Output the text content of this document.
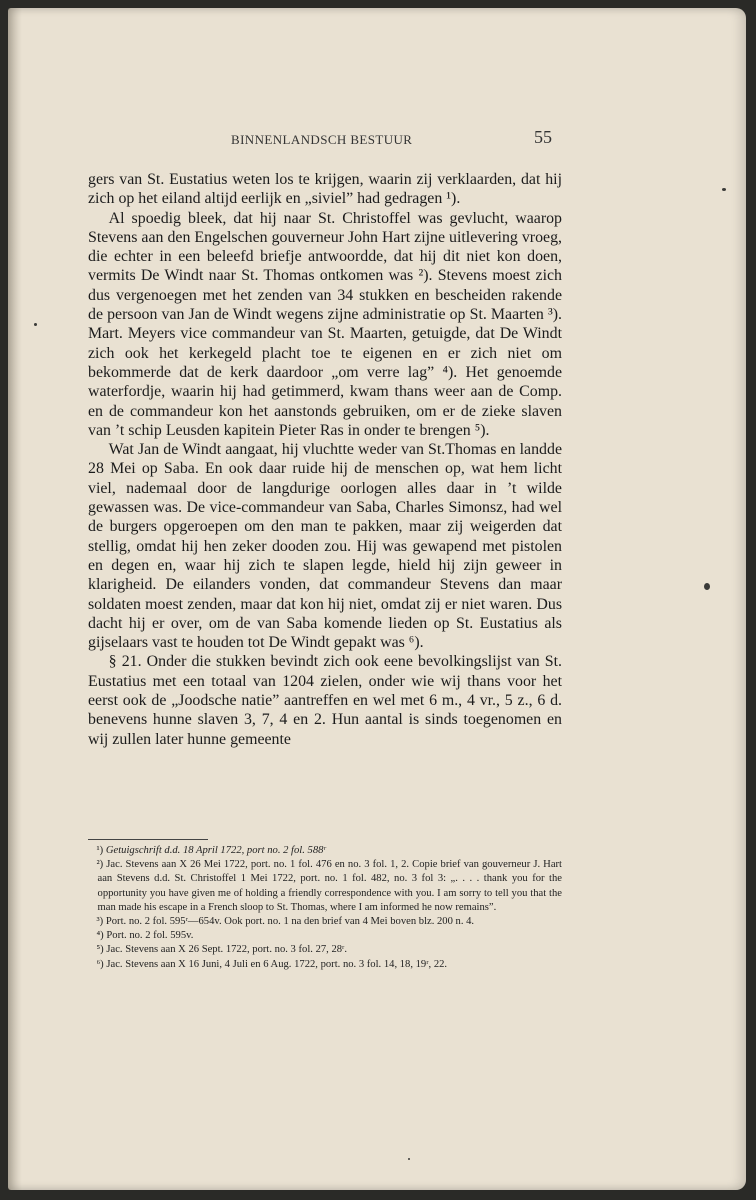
BINNENLANDSCH BESTUUR	55

gers van St. Eustatius weten los te krijgen, waarin zij verklaarden, dat hij zich op het eiland altijd eerlijk en „siviel” had gedragen ¹).

Al spoedig bleek, dat hij naar St. Christoffel was gevlucht, waarop Stevens aan den Engelschen gouverneur John Hart zijne uitlevering vroeg, die echter in een beleefd briefje antwoordde, dat hij dit niet kon doen, vermits De Windt naar St. Thomas ontkomen was ²). Stevens moest zich dus vergenoegen met het zenden van 34 stukken en bescheiden rakende de persoon van Jan de Windt wegens zijne administratie op St. Maarten ³). Mart. Meyers vice commandeur van St. Maarten, getuigde, dat De Windt zich ook het kerkegeld placht toe te eigenen en er zich niet om bekommerde dat de kerk daardoor „om verre lag” ⁴). Het genoemde waterfordje, waarin hij had getimmerd, kwam thans weer aan de Comp. en de commandeur kon het aanstonds gebruiken, om er de zieke slaven van ’t schip Leusden kapitein Pieter Ras in onder te brengen ⁵).

Wat Jan de Windt aangaat, hij vluchtte weder van St.Thomas en landde 28 Mei op Saba. En ook daar ruide hij de menschen op, wat hem licht viel, nademaal door de langdurige oorlogen alles daar in ’t wilde gewassen was. De vice-commandeur van Saba, Charles Simonsz, had wel de burgers opgeroepen om den man te pakken, maar zij weigerden dat stellig, omdat hij hen zeker dooden zou. Hij was gewapend met pistolen en degen en, waar hij zich te slapen legde, hield hij zijn geweer in klarigheid. De eilanders vonden, dat commandeur Stevens dan maar soldaten moest zenden, maar dat kon hij niet, omdat zij er niet waren. Dus dacht hij er over, om de van Saba komende lieden op St. Eustatius als gijselaars vast te houden tot De Windt gepakt was ⁶).

§ 21. Onder die stukken bevindt zich ook eene bevolkingslijst van St. Eustatius met een totaal van 1204 zielen, onder wie wij thans voor het eerst ook de „Joodsche natie” aantreffen en wel met 6 m., 4 vr., 5 z., 6 d. benevens hunne slaven 3, 7, 4 en 2. Hun aantal is sinds toegenomen en wij zullen later hunne gemeente

¹) Getuigschrift d.d. 18 April 1722, port no. 2 fol. 588ʳ

²) Jac. Stevens aan X 26 Mei 1722, port. no. 1 fol. 476 en no. 3 fol. 1, 2. Copie brief van gouverneur J. Hart aan Stevens d.d. St. Christoffel 1 Mei 1722, port. no. 1 fol. 482, no. 3 fol 3: „. . . . thank you for the opportunity you have given me of holding a friendly correspondence with you. I am sorry to tell you that the man made his escape in a French sloop to St. Thomas, where I am informed he now remains”.

³) Port. no. 2 fol. 595ʳ—654v. Ook port. no. 1 na den brief van 4 Mei boven blz. 200 n. 4.

⁴) Port. no. 2 fol. 595v.

⁵) Jac. Stevens aan X 26 Sept. 1722, port. no. 3 fol. 27, 28ʳ.

⁶) Jac. Stevens aan X 16 Juni, 4 Juli en 6 Aug. 1722, port. no. 3 fol. 14, 18, 19ʳ, 22.
